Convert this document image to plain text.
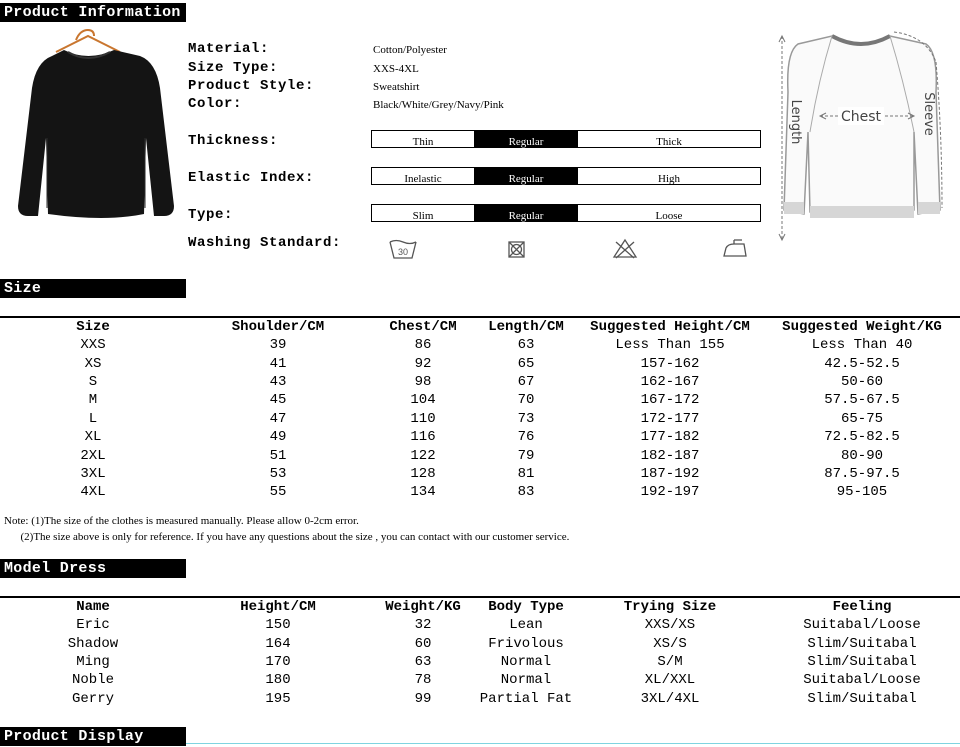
Product Information
Material:	Cotton/Polyester
Size Type:	XXS-4XL
Product Style:	Sweatshirt
Color:	Black/White/Grey/Navy/Pink
Thickness:	Thin	Regular	Thick
Elastic Index:	Inelastic	Regular	High
Type:	Slim	Regular	Loose
Washing Standard:
30
Chest
Length	Sleeve
Size
Size	Shoulder/CM	Chest/CM	Length/CM	Suggested Height/CM	Suggested Weight/KG
XXS	39	86	63	Less Than 155	Less Than 40
XS	41	92	65	157-162	42.5-52.5
S	43	98	67	162-167	50-60
M	45	104	70	167-172	57.5-67.5
L	47	110	73	172-177	65-75
XL	49	116	76	177-182	72.5-82.5
2XL	51	122	79	182-187	80-90
3XL	53	128	81	187-192	87.5-97.5
4XL	55	134	83	192-197	95-105
Note: (1)The size of the clothes is measured manually. Please allow 0-2cm error.
(2)The size above is only for reference. If you have any questions about the size , you can contact with our customer service.
Model Dress
Name	Height/CM	Weight/KG	Body Type	Trying Size	Feeling
Eric	150	32	Lean	XXS/XS	Suitabal/Loose
Shadow	164	60	Frivolous	XS/S	Slim/Suitabal
Ming	170	63	Normal	S/M	Slim/Suitabal
Noble	180	78	Normal	XL/XXL	Suitabal/Loose
Gerry	195	99	Partial Fat	3XL/4XL	Slim/Suitabal
Product Display
